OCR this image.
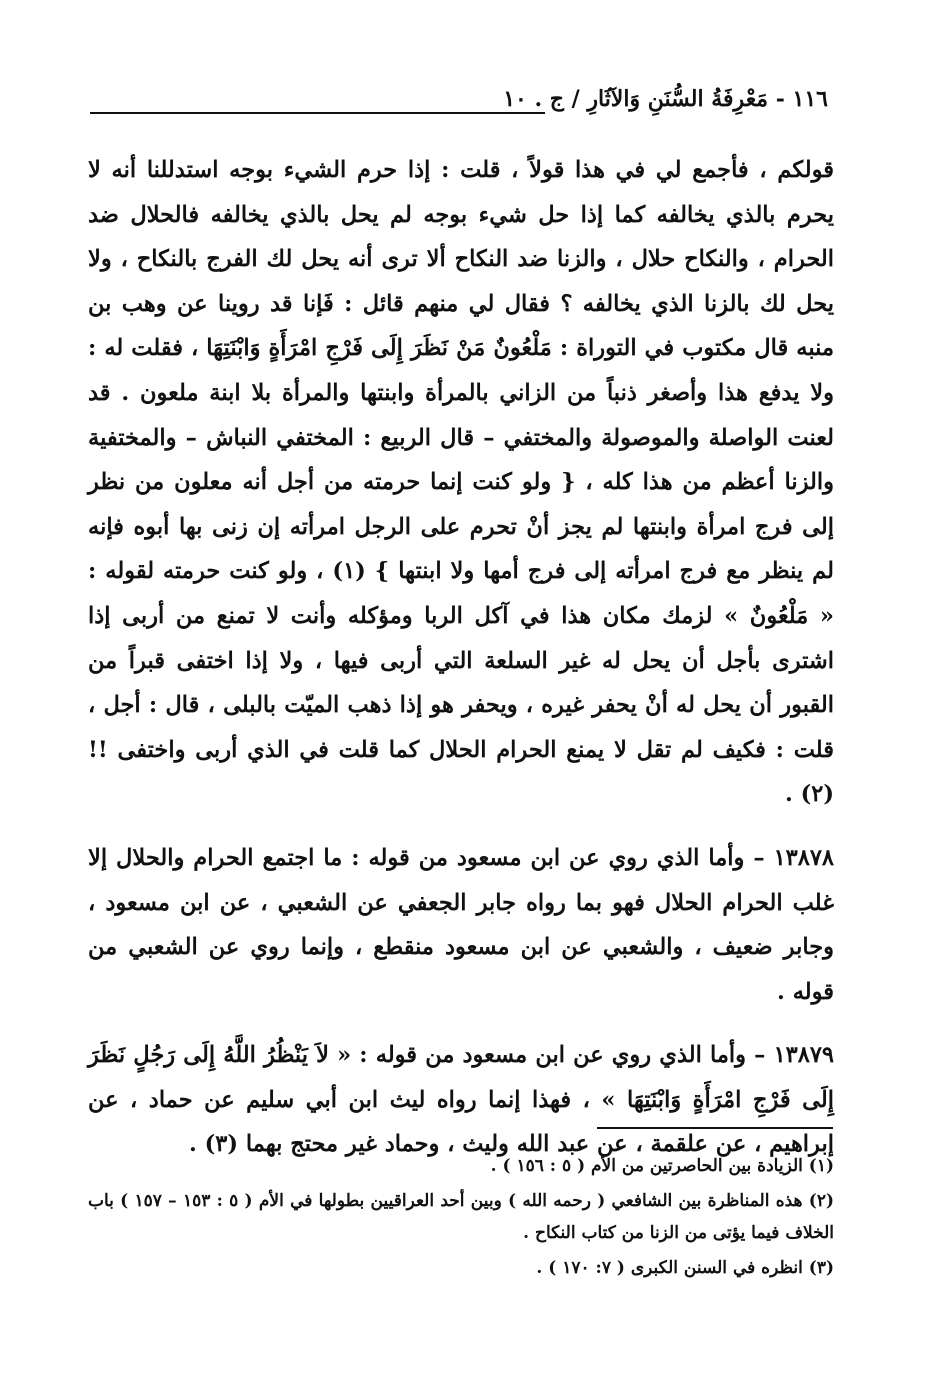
١١٦ - مَعْرِفَةُ السُّنَنِ وَالآثَارِ / ج . ١٠

قولكم ، فأجمع لي في هذا قولاً ، قلت : إذا حرم الشيء بوجه استدللنا أنه لا يحرم بالذي يخالفه كما إذا حل شيء بوجه لم يحل بالذي يخالفه فالحلال ضد الحرام ، والنكاح حلال ، والزنا ضد النكاح ألا ترى أنه يحل لك الفرج بالنكاح ، ولا يحل لك بالزنا الذي يخالفه ؟ فقال لي منهم قائل : فَإنا قد روينا عن وهب بن منبه قال مكتوب في التوراة : مَلْعُونٌ مَنْ نَظَرَ إِلَى فَرْجِ امْرَأَةٍ وَابْنَتِهَا ، فقلت له : ولا يدفع هذا وأصغر ذنباً من الزاني بالمرأة وابنتها والمرأة بلا ابنة ملعون . قد لعنت الواصلة والموصولة والمختفي – قال الربيع : المختفي النباش – والمختفية والزنا أعظم من هذا كله ، { ولو كنت إنما حرمته من أجل أنه معلون من نظر إلى فرج امرأة وابنتها لم يجز أنْ تحرم على الرجل امرأته إن زنى بها أبوه فإنه لم ينظر مع فرج امرأته إلى فرج أمها ولا ابنتها } (١) ، ولو كنت حرمته لقوله : « مَلْعُونٌ » لزمك مكان هذا في آكل الربا ومؤكله وأنت لا تمنع من أربى إذا اشترى بأجل أن يحل له غير السلعة التي أربى فيها ، ولا إذا اختفى قبراً من القبور أن يحل له أنْ يحفر غيره ، ويحفر هو إذا ذهب الميّت بالبلى ، قال : أجل ، قلت : فكيف لم تقل لا يمنع الحرام الحلال كما قلت في الذي أربى واختفى !! (٢) .

١٣٨٧٨ – وأما الذي روي عن ابن مسعود من قوله : ما اجتمع الحرام والحلال إلا غلب الحرام الحلال فهو بما رواه جابر الجعفي عن الشعبي ، عن ابن مسعود ، وجابر ضعيف ، والشعبي عن ابن مسعود منقطع ، وإنما روي عن الشعبي من قوله .

١٣٨٧٩ – وأما الذي روي عن ابن مسعود من قوله : « لاَ يَنْظُرُ اللَّهُ إِلَى رَجُلٍ نَظَرَ إِلَى فَرْجِ امْرَأَةٍ وَابْنَتِهَا » ، فهذا إنما رواه ليث ابن أبي سليم عن حماد ، عن إبراهيم ، عن علقمة ، عن عبد الله وليث ، وحماد غير محتج بهما (٣) .

(١) الزيادة بين الحاصرتين من الأم ( ٥ : ١٥٦ ) .

(٢) هذه المناظرة بين الشافعي ( رحمه الله ) وبين أحد العراقيين بطولها في الأم ( ٥ : ١٥٣ – ١٥٧ ) باب الخلاف فيما يؤتى من الزنا من كتاب النكاح .

(٣) انظره في السنن الكبرى ( ٧: ١٧٠ ) .
